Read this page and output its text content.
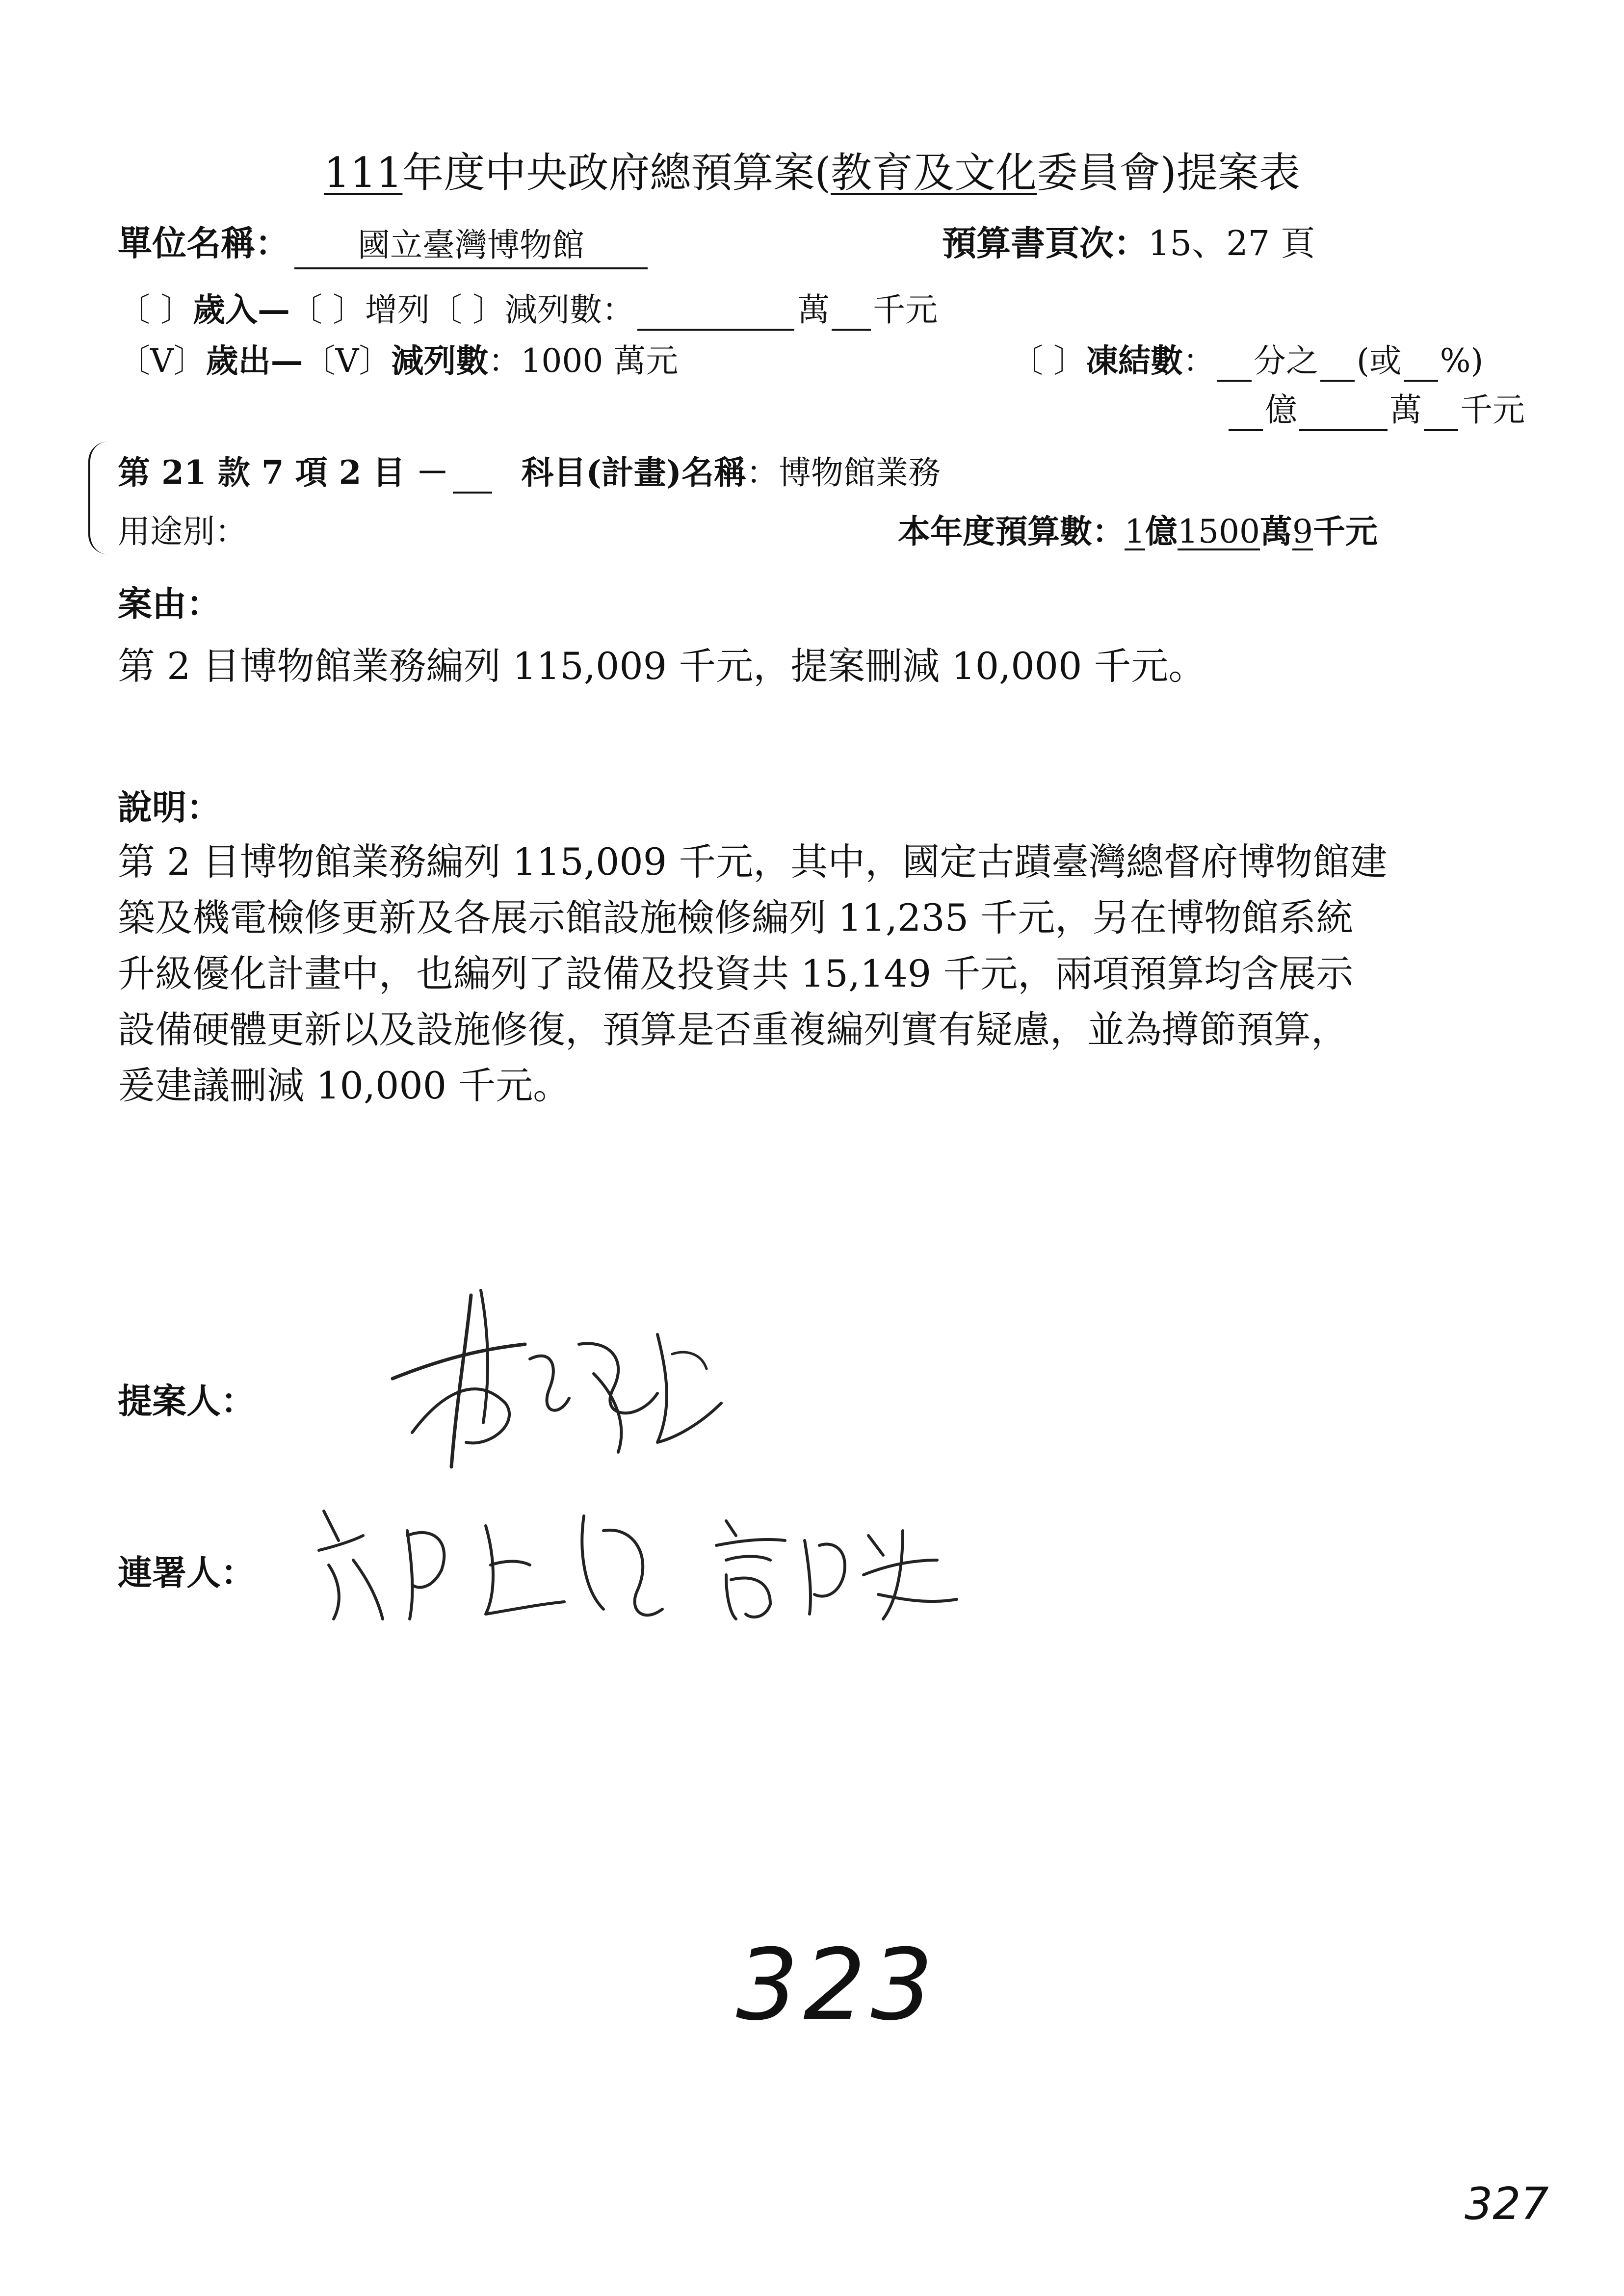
111年度中央政府總預算案(教育及文化委員會)提案表
單位名稱：	國立臺灣博物館	預算書頁次：15、27 頁
〔 〕歲入—〔 〕增列〔 〕減列數：	萬 千元
〔V〕歲出—〔V〕減列數：1000 萬元	〔 〕凍結數： 分之 (或 %)
億	萬 千元
第 21 款 7 項 2 目 － 科目(計畫)名稱：博物館業務
用途別：	本年度預算數：1億1500萬9千元
案由：
第 2 目博物館業務編列 115,009 千元，提案刪減 10,000 千元。
說明：
第 2 目博物館業務編列 115,009 千元，其中，國定古蹟臺灣總督府博物館建
築及機電檢修更新及各展示館設施檢修編列 11,235 千元，另在博物館系統
升級優化計畫中，也編列了設備及投資共 15,149 千元，兩項預算均含展示
設備硬體更新以及設施修復，預算是否重複編列實有疑慮，並為撙節預算，
爰建議刪減 10,000 千元。
提案人：
連署人：
323
327
